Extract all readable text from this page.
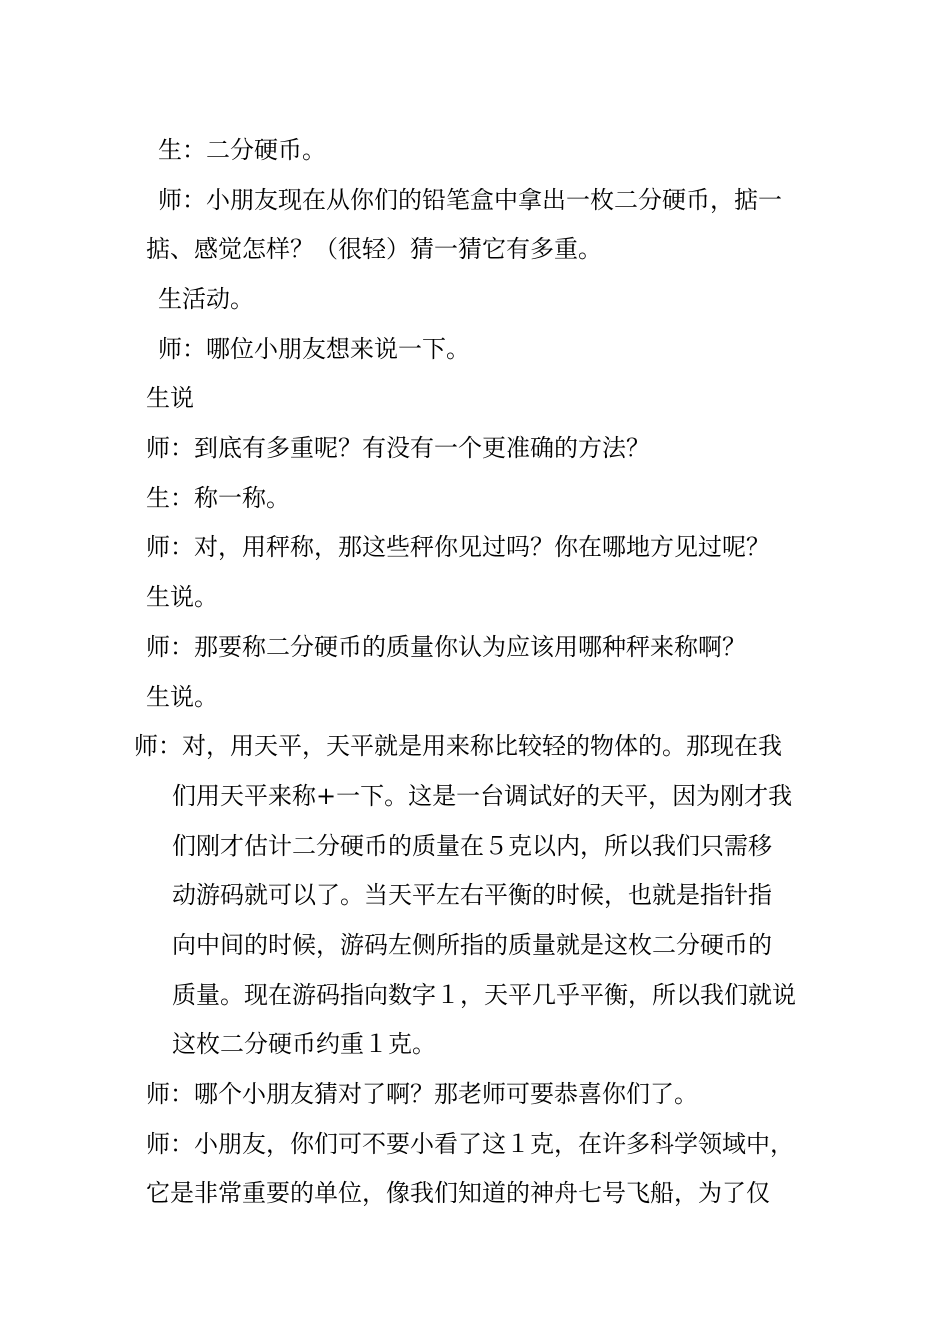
生：二分硬币。
师：小朋友现在从你们的铅笔盒中拿出一枚二分硬币，掂一
掂、感觉怎样？（很轻）猜一猜它有多重。
生活动。
师：哪位小朋友想来说一下。
生说
师：到底有多重呢？有没有一个更准确的方法？
生：称一称。
师：对，用秤称，那这些秤你见过吗？你在哪地方见过呢？
生说。
师：那要称二分硬币的质量你认为应该用哪种秤来称啊？
生说。
师：对，用天平，天平就是用来称比较轻的物体的。那现在我
们用天平来称+一下。这是一台调试好的天平，因为刚才我
们刚才估计二分硬币的质量在５克以内，所以我们只需移
动游码就可以了。当天平左右平衡的时候，也就是指针指
向中间的时候，游码左侧所指的质量就是这枚二分硬币的
质量。现在游码指向数字１，天平几乎平衡，所以我们就说
这枚二分硬币约重１克。
师：哪个小朋友猜对了啊？那老师可要恭喜你们了。
师：小朋友，你们可不要小看了这１克，在许多科学领域中，
它是非常重要的单位，像我们知道的神舟七号飞船，为了仅
